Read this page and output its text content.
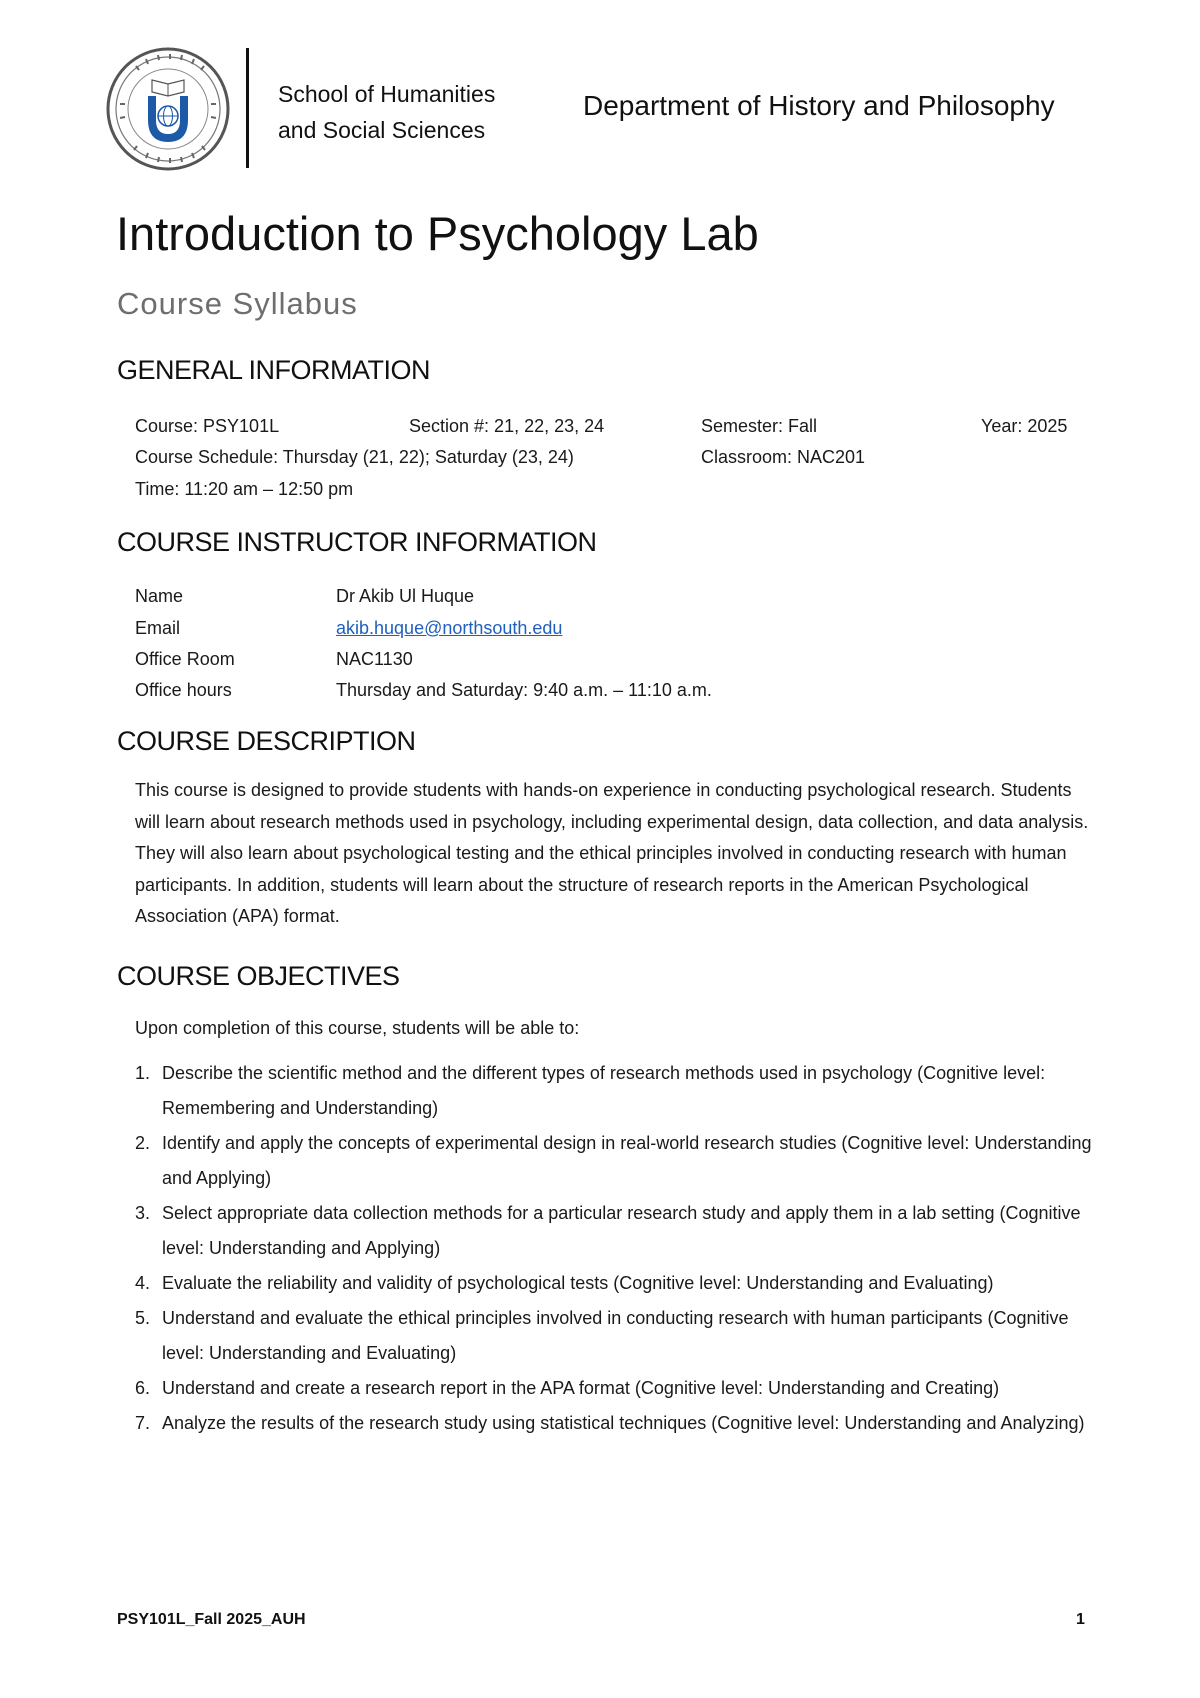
School of Humanities
and Social Sciences
Department of History and Philosophy
Introduction to Psychology Lab
Course Syllabus
GENERAL INFORMATION
Course: PSY101L	Section #: 21, 22, 23, 24	Semester: Fall	Year: 2025
Course Schedule: Thursday (21, 22); Saturday (23, 24)	Classroom: NAC201
Time: 11:20 am – 12:50 pm
COURSE INSTRUCTOR INFORMATION
Name	Dr Akib Ul Huque
Email	akib.huque@northsouth.edu
Office Room	NAC1130
Office hours	Thursday and Saturday: 9:40 a.m. – 11:10 a.m.
COURSE DESCRIPTION
This course is designed to provide students with hands-on experience in conducting psychological research. Students will learn about research methods used in psychology, including experimental design, data collection, and data analysis. They will also learn about psychological testing and the ethical principles involved in conducting research with human participants. In addition, students will learn about the structure of research reports in the American Psychological Association (APA) format.
COURSE OBJECTIVES
Upon completion of this course, students will be able to:
1. Describe the scientific method and the different types of research methods used in psychology (Cognitive level: Remembering and Understanding)
2. Identify and apply the concepts of experimental design in real-world research studies (Cognitive level: Understanding and Applying)
3. Select appropriate data collection methods for a particular research study and apply them in a lab setting (Cognitive level: Understanding and Applying)
4. Evaluate the reliability and validity of psychological tests (Cognitive level: Understanding and Evaluating)
5. Understand and evaluate the ethical principles involved in conducting research with human participants (Cognitive level: Understanding and Evaluating)
6. Understand and create a research report in the APA format (Cognitive level: Understanding and Creating)
7. Analyze the results of the research study using statistical techniques (Cognitive level: Understanding and Analyzing)
PSY101L_Fall 2025_AUH	1
